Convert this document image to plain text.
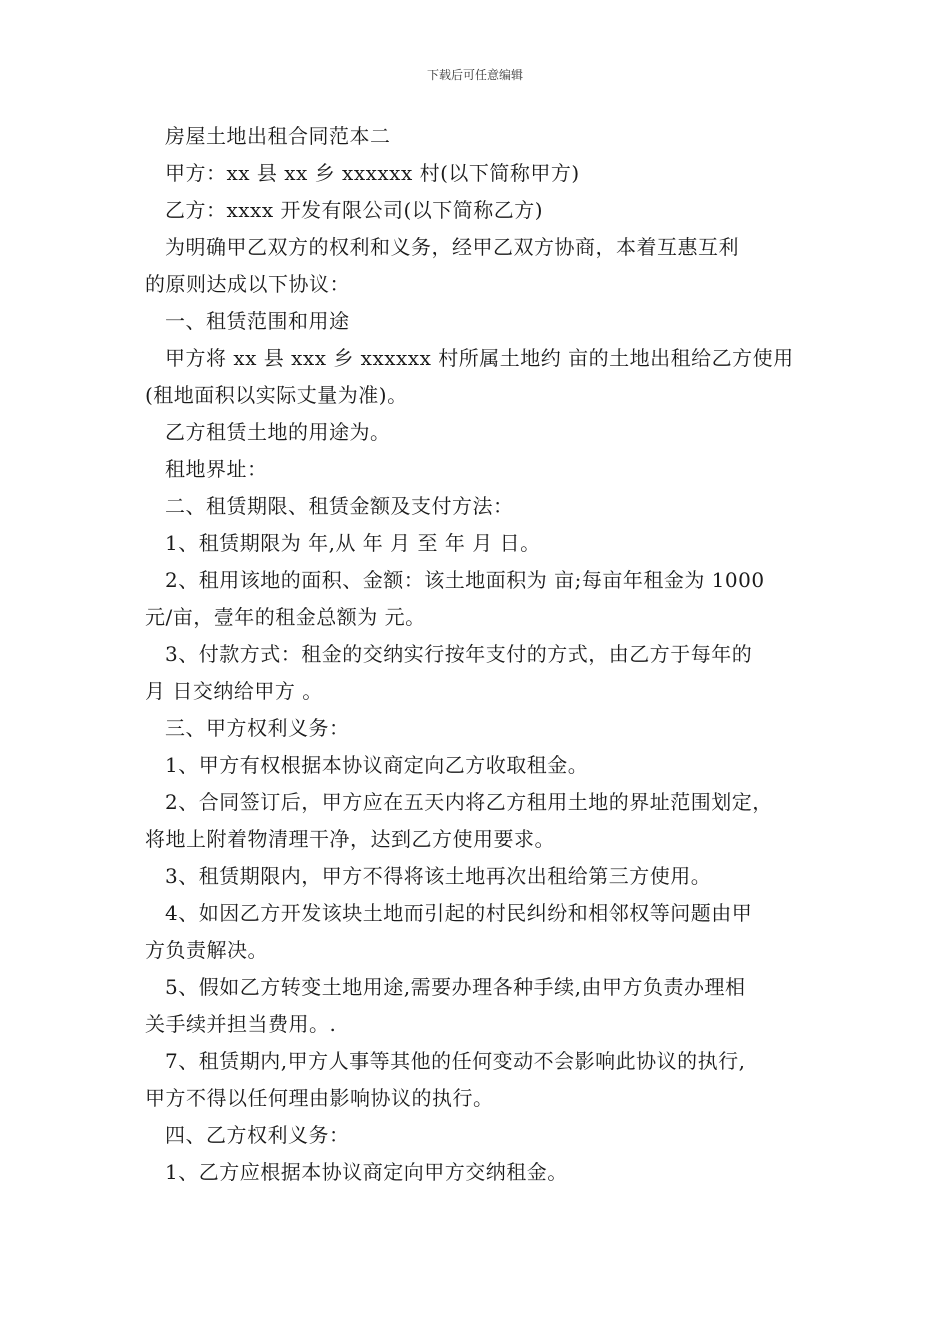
下载后可任意编辑
房屋土地出租合同范本二
甲方：xx 县 xx 乡 xxxxxx 村(以下简称甲方)
乙方：xxxx 开发有限公司(以下简称乙方)
为明确甲乙双方的权利和义务，经甲乙双方协商，本着互惠互利
的原则达成以下协议：
一、租赁范围和用途
甲方将 xx 县 xxx 乡 xxxxxx 村所属土地约 亩的土地出租给乙方使用
(租地面积以实际丈量为准)。
乙方租赁土地的用途为。
租地界址：
二、租赁期限、租赁金额及支付方法：
1、租赁期限为 年,从 年 月 至 年 月 日。
2、租用该地的面积、金额：该土地面积为 亩;每亩年租金为 1000
元/亩，壹年的租金总额为 元。
3、付款方式：租金的交纳实行按年支付的方式，由乙方于每年的
月 日交纳给甲方 。
三、甲方权利义务：
1、甲方有权根据本协议商定向乙方收取租金。
2、合同签订后，甲方应在五天内将乙方租用土地的界址范围划定，
将地上附着物清理干净，达到乙方使用要求。
3、租赁期限内，甲方不得将该土地再次出租给第三方使用。
4、如因乙方开发该块土地而引起的村民纠纷和相邻权等问题由甲
方负责解决。
5、假如乙方转变土地用途,需要办理各种手续,由甲方负责办理相
关手续并担当费用。.
7、租赁期内,甲方人事等其他的任何变动不会影响此协议的执行,
甲方不得以任何理由影响协议的执行。
四、乙方权利义务：
1、乙方应根据本协议商定向甲方交纳租金。
